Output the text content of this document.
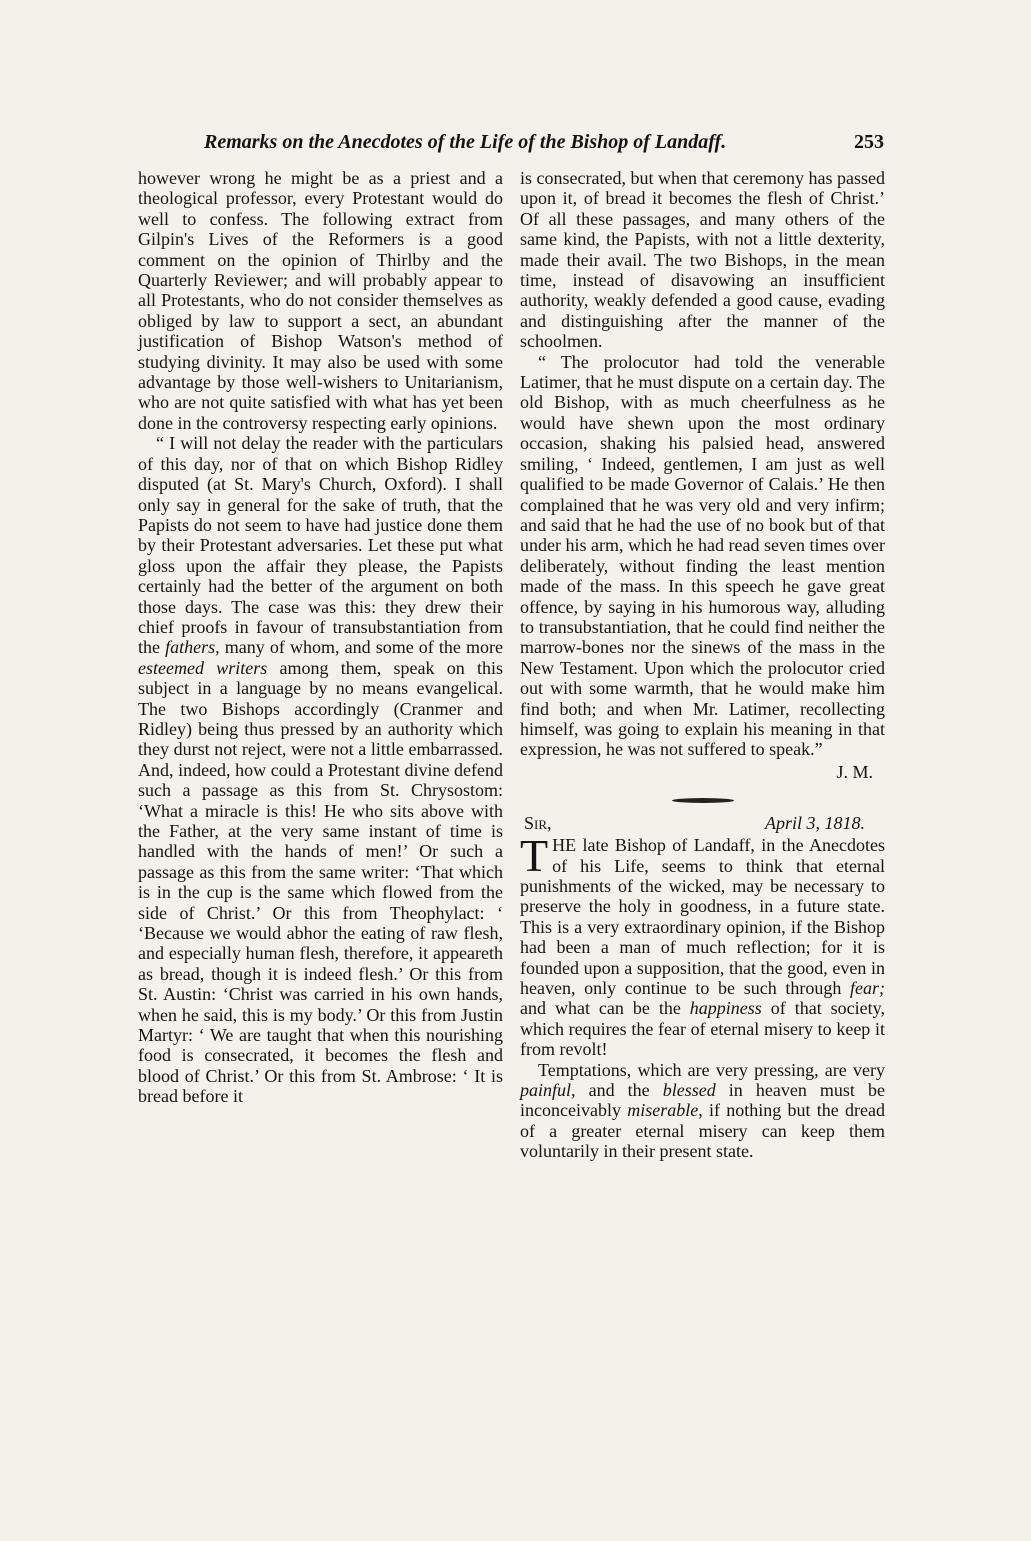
Remarks on the Anecdotes of the Life of the Bishop of Landaff.	253

however wrong he might be as a priest and a theological professor, every Protestant would do well to confess. The following extract from Gilpin's Lives of the Reformers is a good comment on the opinion of Thirlby and the Quarterly Reviewer; and will probably appear to all Protestants, who do not consider themselves as obliged by law to support a sect, an abundant justification of Bishop Watson's method of studying divinity. It may also be used with some advantage by those well-wishers to Unitarianism, who are not quite satisfied with what has yet been done in the controversy respecting early opinions.

“ I will not delay the reader with the particulars of this day, nor of that on which Bishop Ridley disputed (at St. Mary's Church, Oxford). I shall only say in general for the sake of truth, that the Papists do not seem to have had justice done them by their Protestant adversaries. Let these put what gloss upon the affair they please, the Papists certainly had the better of the argument on both those days. The case was this: they drew their chief proofs in favour of transubstantiation from the fathers, many of whom, and some of the more esteemed writers among them, speak on this subject in a language by no means evangelical. The two Bishops accordingly (Cranmer and Ridley) being thus pressed by an authority which they durst not reject, were not a little embarrassed. And, indeed, how could a Protestant divine defend such a passage as this from St. Chrysostom: ‘What a miracle is this! He who sits above with the Father, at the very same instant of time is handled with the hands of men!’ Or such a passage as this from the same writer: ‘That which is in the cup is the same which flowed from the side of Christ.’ Or this from Theophylact: ‘ ‘Because we would abhor the eating of raw flesh, and especially human flesh, therefore, it appeareth as bread, though it is indeed flesh.’ Or this from St. Austin: ‘Christ was carried in his own hands, when he said, this is my body.’ Or this from Justin Martyr: ‘ We are taught that when this nourishing food is consecrated, it becomes the flesh and blood of Christ.’ Or this from St. Ambrose: ‘ It is bread before it

is consecrated, but when that ceremony has passed upon it, of bread it becomes the flesh of Christ.’ Of all these passages, and many others of the same kind, the Papists, with not a little dexterity, made their avail. The two Bishops, in the mean time, instead of disavowing an insufficient authority, weakly defended a good cause, evading and distinguishing after the manner of the schoolmen.

“ The prolocutor had told the venerable Latimer, that he must dispute on a certain day. The old Bishop, with as much cheerfulness as he would have shewn upon the most ordinary occasion, shaking his palsied head, answered smiling, ‘ Indeed, gentlemen, I am just as well qualified to be made Governor of Calais.’ He then complained that he was very old and very infirm; and said that he had the use of no book but of that under his arm, which he had read seven times over deliberately, without finding the least mention made of the mass. In this speech he gave great offence, by saying in his humorous way, alluding to transubstantiation, that he could find neither the marrow-bones nor the sinews of the mass in the New Testament. Upon which the prolocutor cried out with some warmth, that he would make him find both; and when Mr. Latimer, recollecting himself, was going to explain his meaning in that expression, he was not suffered to speak.”

J. M.

Sir,	April 3, 1818.

THE late Bishop of Landaff, in the Anecdotes of his Life, seems to think that eternal punishments of the wicked, may be necessary to preserve the holy in goodness, in a future state. This is a very extraordinary opinion, if the Bishop had been a man of much reflection; for it is founded upon a supposition, that the good, even in heaven, only continue to be such through fear; and what can be the happiness of that society, which requires the fear of eternal misery to keep it from revolt!

Temptations, which are very pressing, are very painful, and the blessed in heaven must be inconceivably miserable, if nothing but the dread of a greater eternal misery can keep them voluntarily in their present state.
